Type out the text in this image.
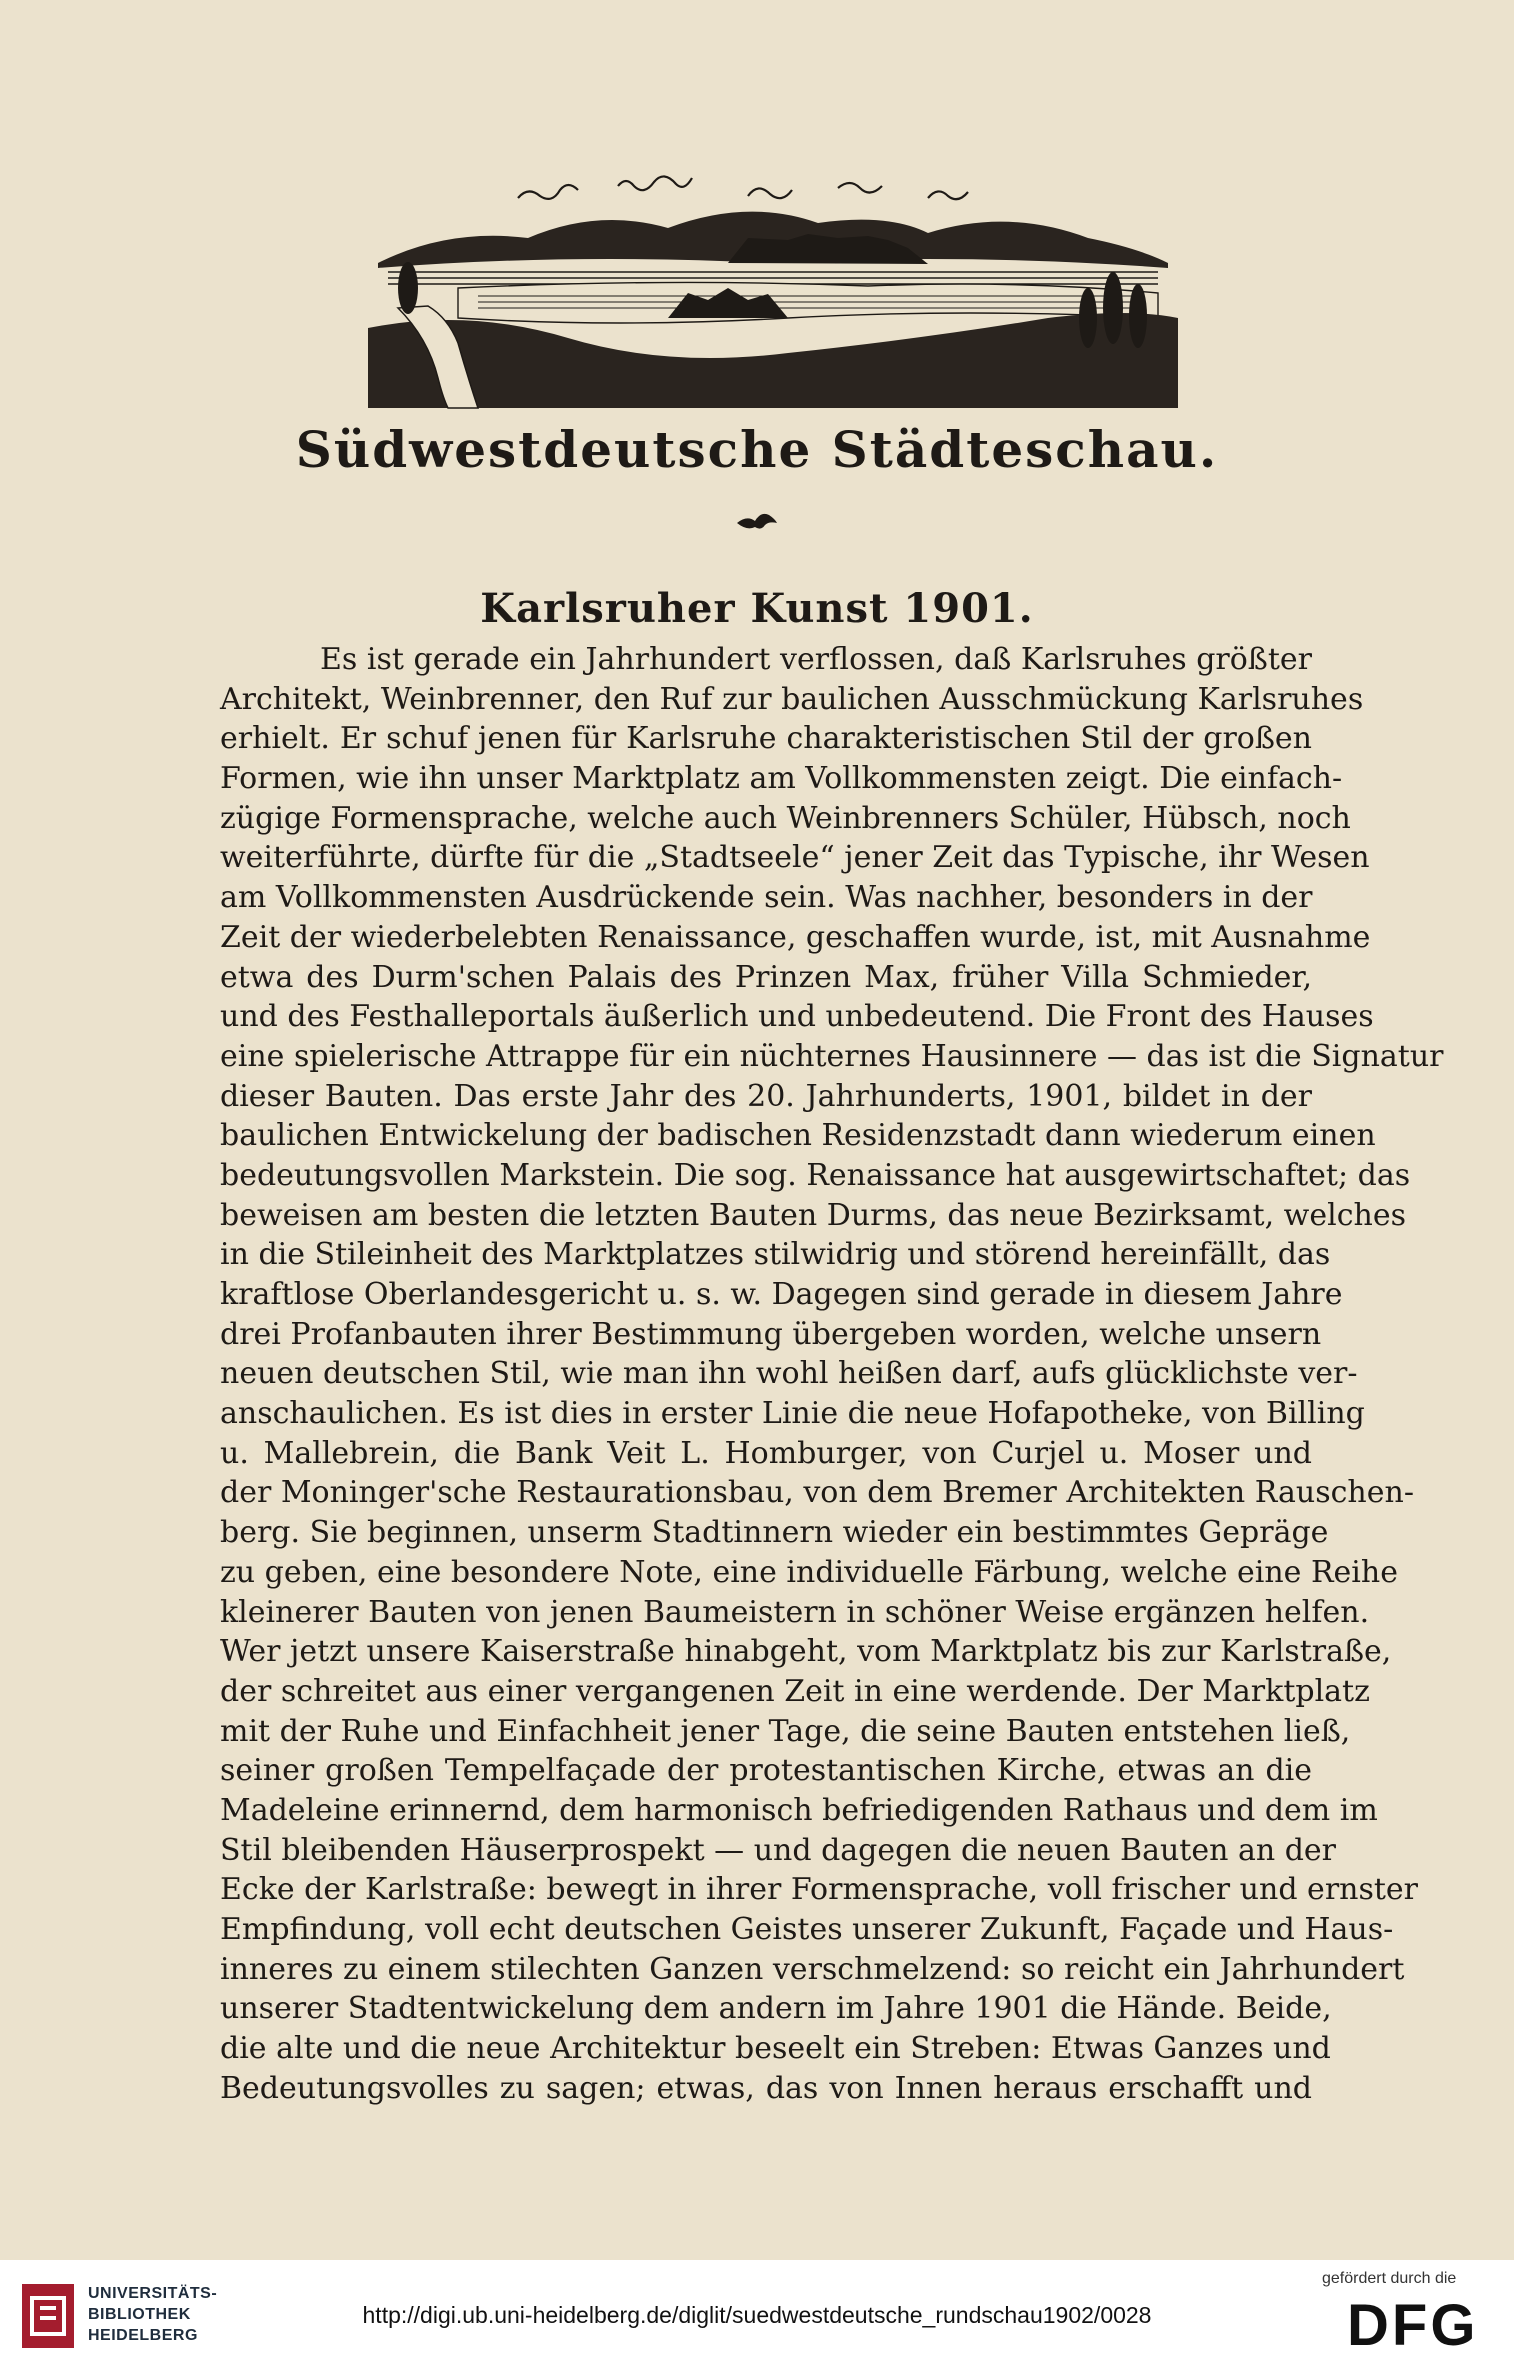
Südwestdeutsche Städteschau.
Karlsruher Kunst 1901.
Es ist gerade ein Jahrhundert verflossen, daß Karlsruhes größter
Architekt, Weinbrenner, den Ruf zur baulichen Ausschmückung Karlsruhes
erhielt. Er schuf jenen für Karlsruhe charakteristischen Stil der großen
Formen, wie ihn unser Marktplatz am Vollkommensten zeigt. Die einfach-
zügige Formensprache, welche auch Weinbrenners Schüler, Hübsch, noch
weiterführte, dürfte für die „Stadtseele“ jener Zeit das Typische, ihr Wesen
am Vollkommensten Ausdrückende sein. Was nachher, besonders in der
Zeit der wiederbelebten Renaissance, geschaffen wurde, ist, mit Ausnahme
etwa des Durm'schen Palais des Prinzen Max, früher Villa Schmieder,
und des Festhalleportals äußerlich und unbedeutend. Die Front des Hauses
eine spielerische Attrappe für ein nüchternes Hausinnere — das ist die Signatur
dieser Bauten. Das erste Jahr des 20. Jahrhunderts, 1901, bildet in der
baulichen Entwickelung der badischen Residenzstadt dann wiederum einen
bedeutungsvollen Markstein. Die sog. Renaissance hat ausgewirtschaftet; das
beweisen am besten die letzten Bauten Durms, das neue Bezirksamt, welches
in die Stileinheit des Marktplatzes stilwidrig und störend hereinfällt, das
kraftlose Oberlandesgericht u. s. w. Dagegen sind gerade in diesem Jahre
drei Profanbauten ihrer Bestimmung übergeben worden, welche unsern
neuen deutschen Stil, wie man ihn wohl heißen darf, aufs glücklichste ver-
anschaulichen. Es ist dies in erster Linie die neue Hofapotheke, von Billing
u. Mallebrein, die Bank Veit L. Homburger, von Curjel u. Moser und
der Moninger'sche Restaurationsbau, von dem Bremer Architekten Rauschen-
berg. Sie beginnen, unserm Stadtinnern wieder ein bestimmtes Gepräge
zu geben, eine besondere Note, eine individuelle Färbung, welche eine Reihe
kleinerer Bauten von jenen Baumeistern in schöner Weise ergänzen helfen.
Wer jetzt unsere Kaiserstraße hinabgeht, vom Marktplatz bis zur Karlstraße,
der schreitet aus einer vergangenen Zeit in eine werdende. Der Marktplatz
mit der Ruhe und Einfachheit jener Tage, die seine Bauten entstehen ließ,
seiner großen Tempelfaçade der protestantischen Kirche, etwas an die
Madeleine erinnernd, dem harmonisch befriedigenden Rathaus und dem im
Stil bleibenden Häuserprospekt — und dagegen die neuen Bauten an der
Ecke der Karlstraße: bewegt in ihrer Formensprache, voll frischer und ernster
Empfindung, voll echt deutschen Geistes unserer Zukunft, Façade und Haus-
inneres zu einem stilechten Ganzen verschmelzend: so reicht ein Jahrhundert
unserer Stadtentwickelung dem andern im Jahre 1901 die Hände. Beide,
die alte und die neue Architektur beseelt ein Streben: Etwas Ganzes und
Bedeutungsvolles zu sagen; etwas, das von Innen heraus erschafft und
UNIVERSITÄTS-
BIBLIOTHEK
HEIDELBERG
http://digi.ub.uni-heidelberg.de/diglit/suedwestdeutsche_rundschau1902/0028
gefördert durch die
DFG
